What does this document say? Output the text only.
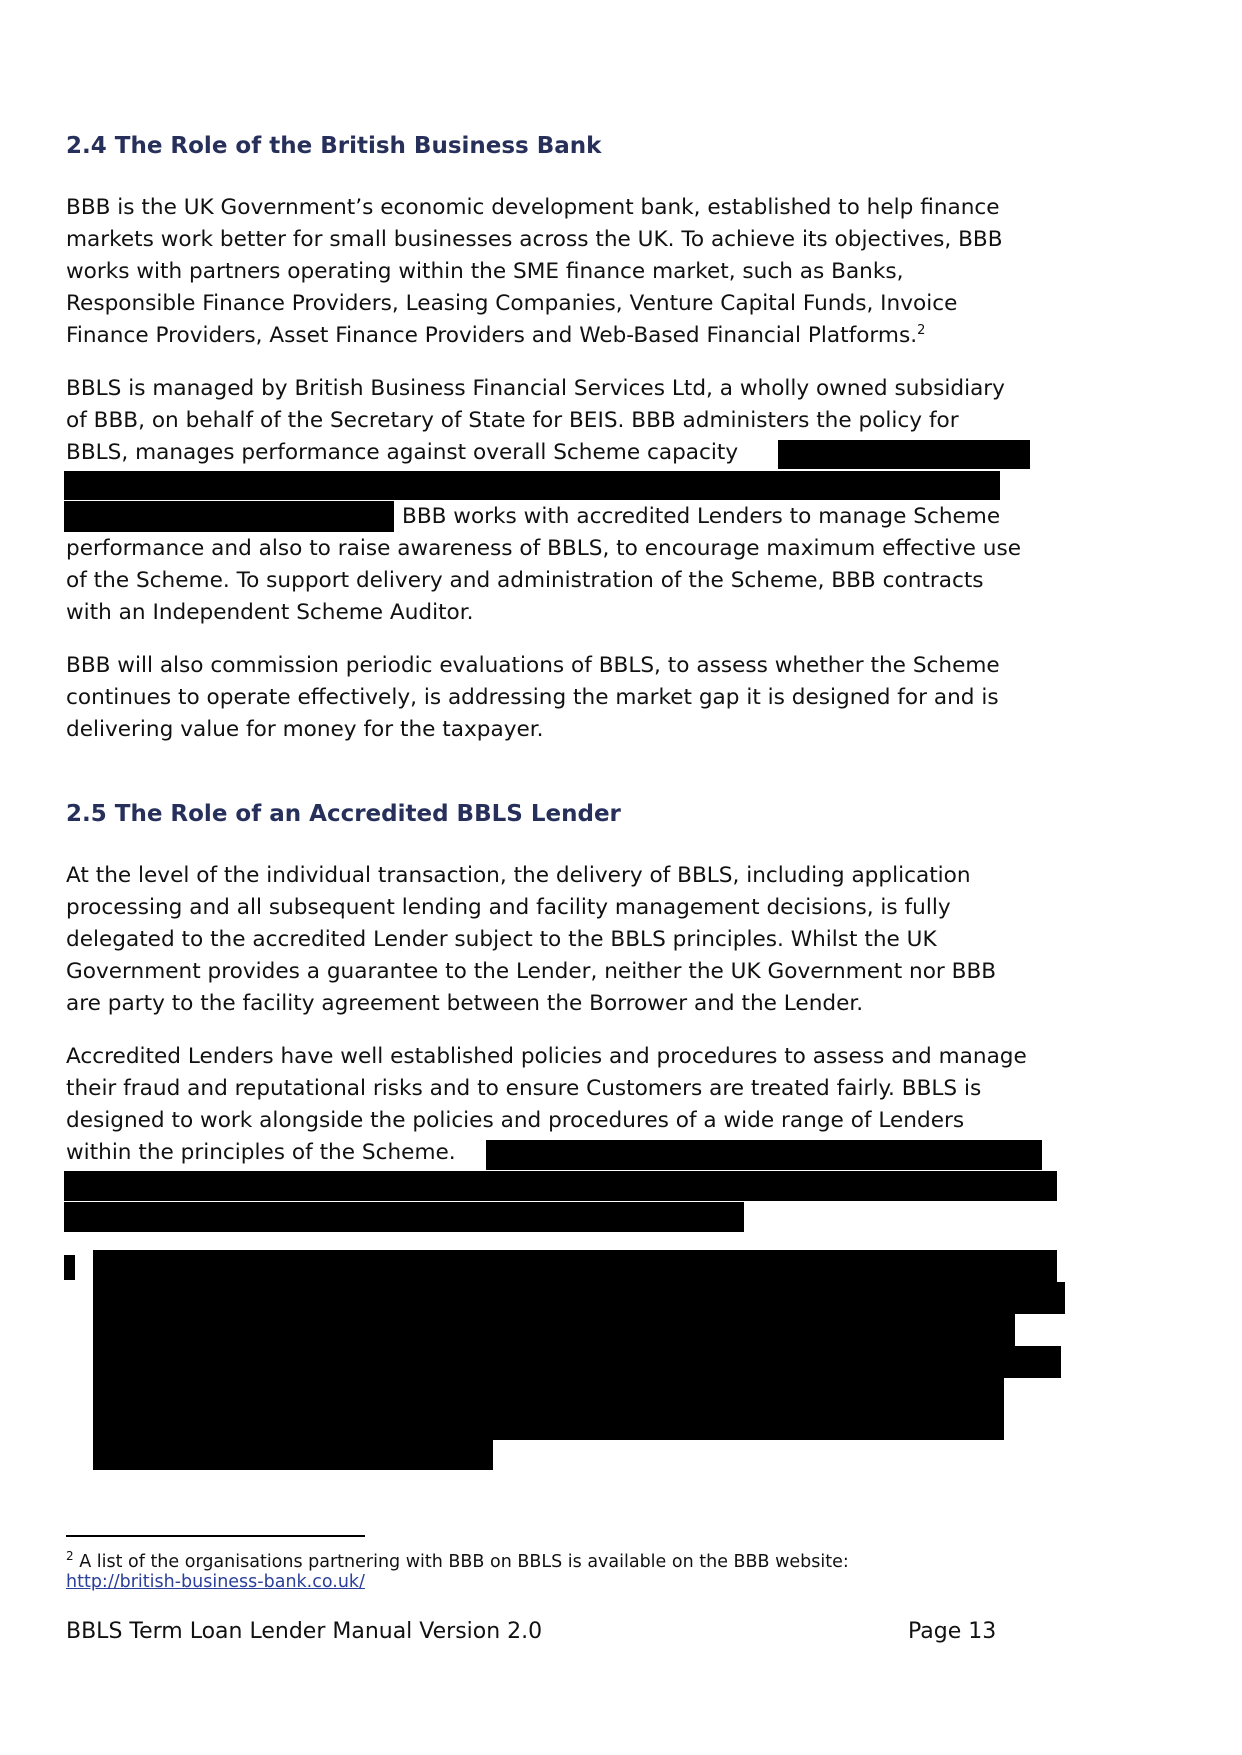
2.4 The Role of the British Business Bank
BBB is the UK Government’s economic development bank, established to help finance
markets work better for small businesses across the UK. To achieve its objectives, BBB
works with partners operating within the SME finance market, such as Banks,
Responsible Finance Providers, Leasing Companies, Venture Capital Funds, Invoice
Finance Providers, Asset Finance Providers and Web-Based Financial Platforms.$^2$
BBLS is managed by British Business Financial Services Ltd, a wholly owned subsidiary
of BBB, on behalf of the Secretary of State for BEIS. BBB administers the policy for
BBLS, manages performance against overall Scheme capacity
BBB works with accredited Lenders to manage Scheme
performance and also to raise awareness of BBLS, to encourage maximum effective use
of the Scheme. To support delivery and administration of the Scheme, BBB contracts
with an Independent Scheme Auditor.
BBB will also commission periodic evaluations of BBLS, to assess whether the Scheme
continues to operate effectively, is addressing the market gap it is designed for and is
delivering value for money for the taxpayer.
2.5 The Role of an Accredited BBLS Lender
At the level of the individual transaction, the delivery of BBLS, including application
processing and all subsequent lending and facility management decisions, is fully
delegated to the accredited Lender subject to the BBLS principles. Whilst the UK
Government provides a guarantee to the Lender, neither the UK Government nor BBB
are party to the facility agreement between the Borrower and the Lender.
Accredited Lenders have well established policies and procedures to assess and manage
their fraud and reputational risks and to ensure Customers are treated fairly. BBLS is
designed to work alongside the policies and procedures of a wide range of Lenders
within the principles of the Scheme.
$^2$ A list of the organisations partnering with BBB on BBLS is available on the BBB website:
http://british-business-bank.co.uk/
BBLS Term Loan Lender Manual Version 2.0	Page 13
